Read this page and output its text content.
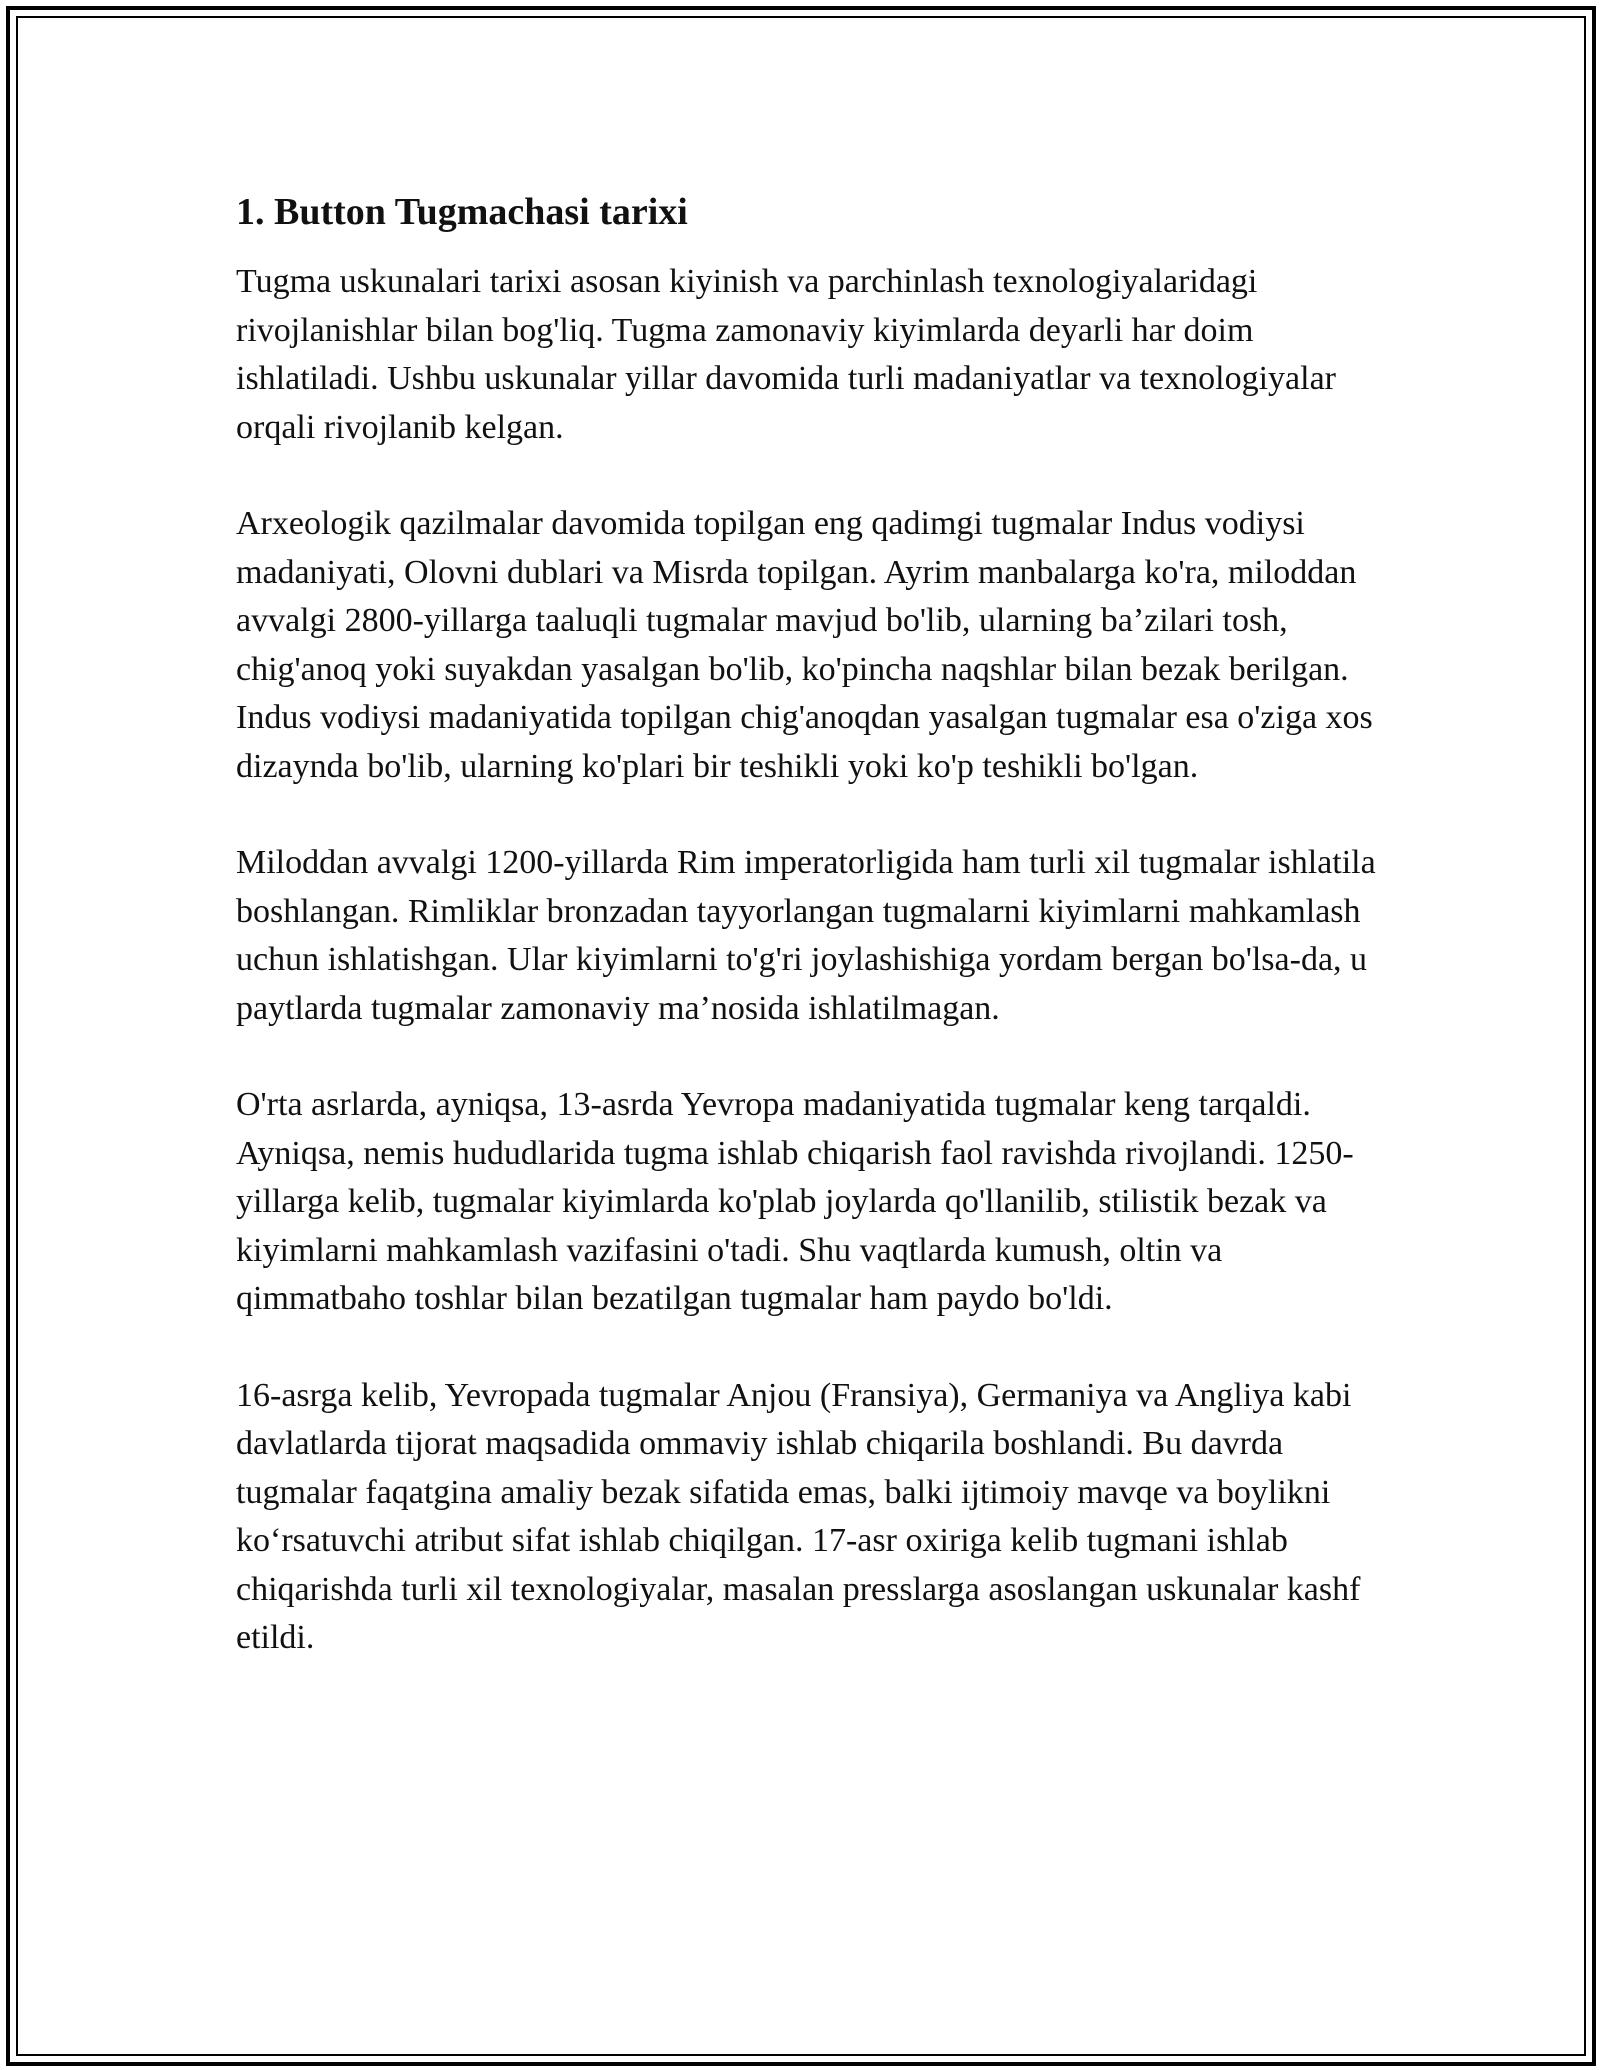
1. Button Tugmachasi tarixi

Tugma uskunalari tarixi asosan kiyinish va parchinlash texnologiyalaridagi rivojlanishlar bilan bog'liq. Tugma zamonaviy kiyimlarda deyarli har doim ishlatiladi. Ushbu uskunalar yillar davomida turli madaniyatlar va texnologiyalar orqali rivojlanib kelgan.

Arxeologik qazilmalar davomida topilgan eng qadimgi tugmalar Indus vodiysi madaniyati, Olovni dublari va Misrda topilgan. Ayrim manbalarga ko'ra, miloddan avvalgi 2800-yillarga taaluqli tugmalar mavjud bo'lib, ularning ba’zilari tosh, chig'anoq yoki suyakdan yasalgan bo'lib, ko'pincha naqshlar bilan bezak berilgan. Indus vodiysi madaniyatida topilgan chig'anoqdan yasalgan tugmalar esa o'ziga xos dizaynda bo'lib, ularning ko'plari bir teshikli yoki ko'p teshikli bo'lgan.

Miloddan avvalgi 1200-yillarda Rim imperatorligida ham turli xil tugmalar ishlatila boshlangan. Rimliklar bronzadan tayyorlangan tugmalarni kiyimlarni mahkamlash uchun ishlatishgan. Ular kiyimlarni to'g'ri joylashishiga yordam bergan bo'lsa-da, u paytlarda tugmalar zamonaviy ma’nosida ishlatilmagan.

O'rta asrlarda, ayniqsa, 13-asrda Yevropa madaniyatida tugmalar keng tarqaldi. Ayniqsa, nemis hududlarida tugma ishlab chiqarish faol ravishda rivojlandi. 1250-yillarga kelib, tugmalar kiyimlarda ko'plab joylarda qo'llanilib, stilistik bezak va kiyimlarni mahkamlash vazifasini o'tadi. Shu vaqtlarda kumush, oltin va qimmatbaho toshlar bilan bezatilgan tugmalar ham paydo bo'ldi.

16-asrga kelib, Yevropada tugmalar Anjou (Fransiya), Germaniya va Angliya kabi davlatlarda tijorat maqsadida ommaviy ishlab chiqarila boshlandi. Bu davrda tugmalar faqatgina amaliy bezak sifatida emas, balki ijtimoiy mavqe va boylikni ko‘rsatuvchi atribut sifat ishlab chiqilgan. 17-asr oxiriga kelib tugmani ishlab chiqarishda turli xil texnologiyalar, masalan presslarga asoslangan uskunalar kashf etildi.
